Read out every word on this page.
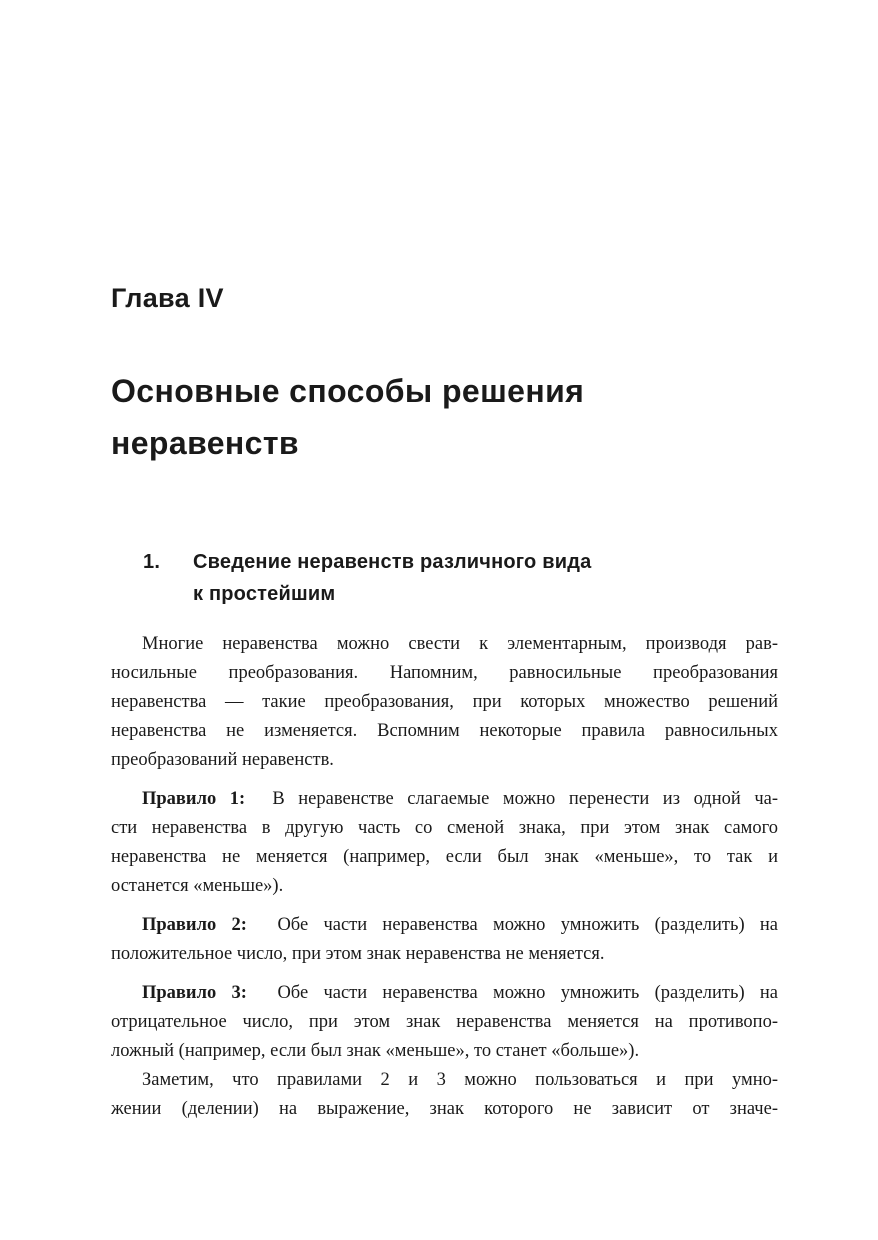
Глава IV
Основные способы решения
неравенств
1. Сведение неравенств различного вида
к простейшим

Многие неравенства можно свести к элементарным, производя рав-
носильные преобразования. Напомним, равносильные преобразования
неравенства — такие преобразования, при которых множество решений
неравенства не изменяется. Вспомним некоторые правила равносильных
преобразований неравенств.

Правило 1: В неравенстве слагаемые можно перенести из одной ча-
сти неравенства в другую часть со сменой знака, при этом знак самого
неравенства не меняется (например, если был знак «меньше», то так и
останется «меньше»).

Правило 2: Обе части неравенства можно умножить (разделить) на
положительное число, при этом знак неравенства не меняется.

Правило 3: Обе части неравенства можно умножить (разделить) на
отрицательное число, при этом знак неравенства меняется на противопо-
ложный (например, если был знак «меньше», то станет «больше»).

Заметим, что правилами 2 и 3 можно пользоваться и при умно-
жении (делении) на выражение, знак которого не зависит от значе-
